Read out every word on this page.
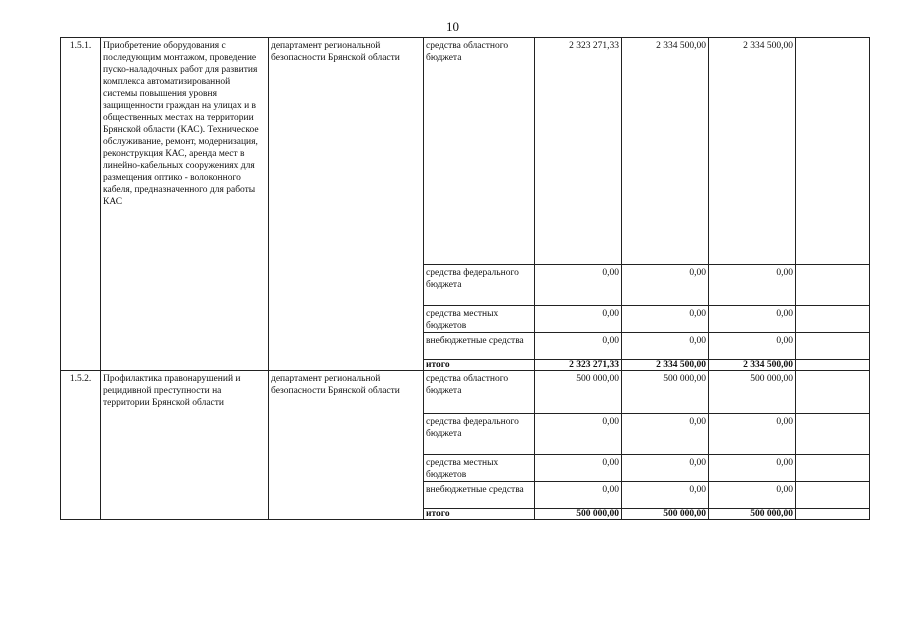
10
1.5.1.	Приобретение оборудования с последующим монтажом, проведение пуско-наладочных работ для развития комплекса автоматизированной системы повышения уровня защищенности граждан на улицах и в общественных местах на территории Брянской области (КАС). Техническое обслуживание, ремонт, модернизация, реконструкция КАС, аренда мест в линейно-кабельных сооружениях для размещения оптико - волоконного кабеля, предназначенного для работы КАС	департамент региональной безопасности Брянской области	средства областного бюджета	2 323 271,33	2 334 500,00	2 334 500,00	
			средства федерального бюджета	0,00	0,00	0,00	
			средства местных бюджетов	0,00	0,00	0,00	
			внебюджетные средства	0,00	0,00	0,00	
			итого	2 323 271,33	2 334 500,00	2 334 500,00	
1.5.2.	Профилактика правонарушений и рецидивной преступности на территории Брянской области	департамент региональной безопасности Брянской области	средства областного бюджета	500 000,00	500 000,00	500 000,00	
			средства федерального бюджета	0,00	0,00	0,00	
			средства местных бюджетов	0,00	0,00	0,00	
			внебюджетные средства	0,00	0,00	0,00	
			итого	500 000,00	500 000,00	500 000,00	
